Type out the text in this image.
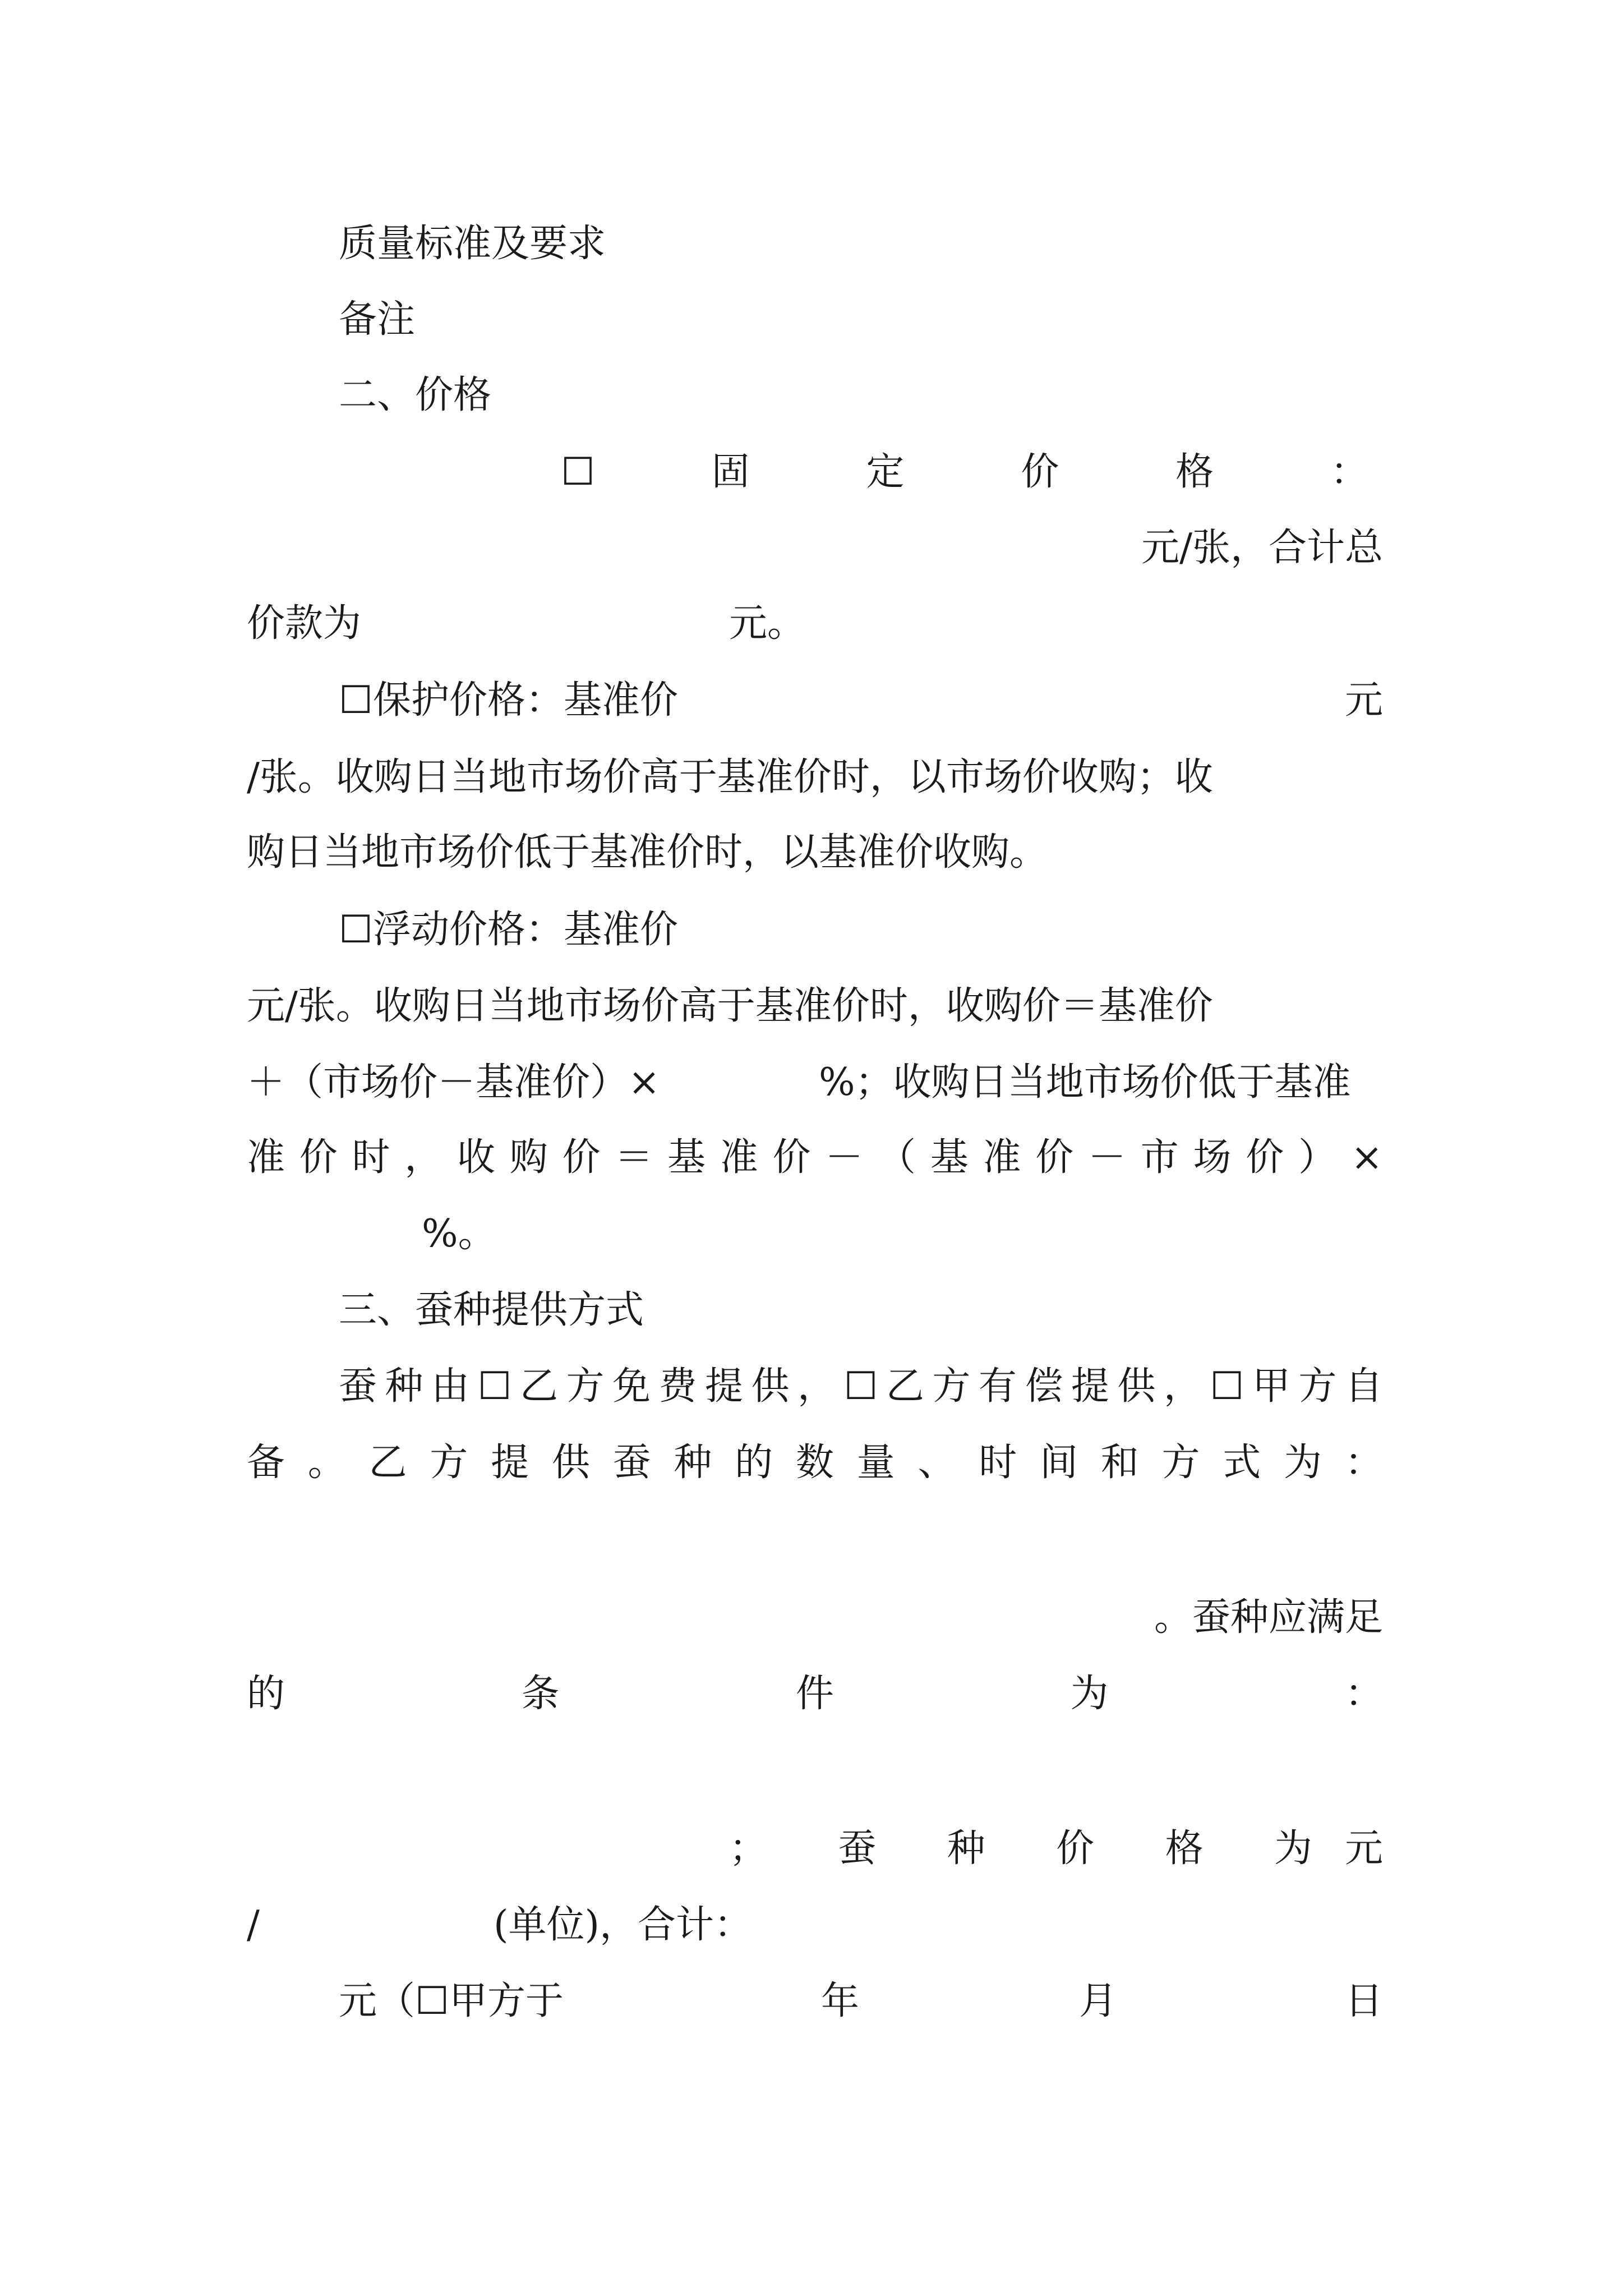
质量标准及要求
备注
二、价格
☐	固	定	价	格	：
元/张，合计总
价款为	元。
☐保护价格：基准价	元
/张。收购日当地市场价高于基准价时，以市场价收购；收
购日当地市场价低于基准价时，以基准价收购。
☐浮动价格：基准价
元/张。收购日当地市场价高于基准价时，收购价＝基准价
＋（市场价－基准价）×	%；收购日当地市场价低于基准
准 价 时 ， 收 购 价 ＝ 基 准 价 － （ 基 准 价 － 市 场 价 ） ×
%。
三、蚕种提供方式
蚕 种 由 ☐ 乙 方 免 费 提 供 ， ☐ 乙 方 有 偿 提 供 ， ☐ 甲 方 自
备 。 乙 方 提 供 蚕 种 的 数 量 、 时 间 和 方 式 为 ：
。蚕种应满足
的	条	件	为	：
； 蚕 种 价 格 为 元
/	(单位)，合计：
元（☐甲方于	年	月	日
